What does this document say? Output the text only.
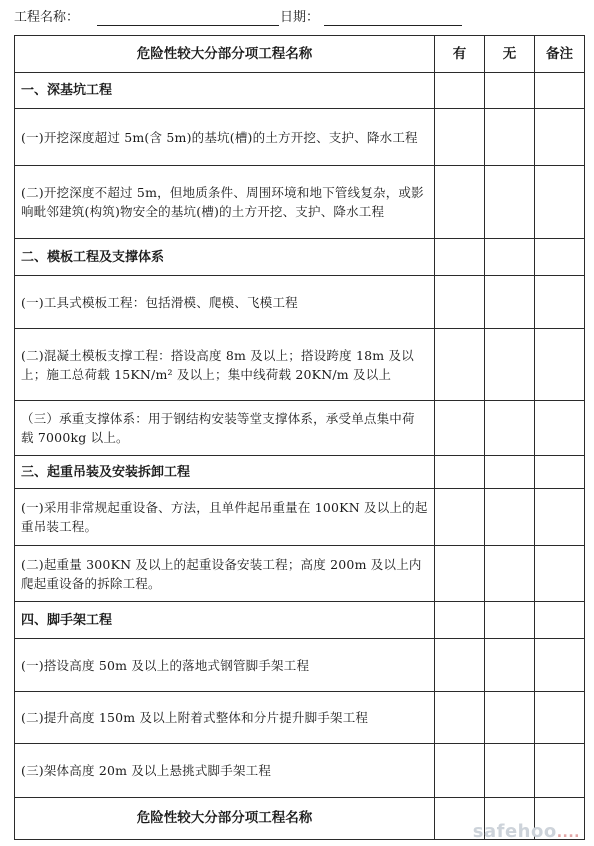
工程名称：	日期：
危险性较大分部分项工程名称	有	无	备注
一、深基坑工程			
(一)开挖深度超过 5m(含 5m)的基坑(槽)的土方开挖、支护、降水工程			
(二)开挖深度不超过 5m，但地质条件、周围环境和地下管线复杂，或影响毗邻建筑(构筑)物安全的基坑(槽)的土方开挖、支护、降水工程			
二、模板工程及支撑体系			
(一)工具式模板工程：包括滑模、爬模、飞模工程			
(二)混凝土模板支撑工程：搭设高度 8m 及以上；搭设跨度 18m 及以上；施工总荷载 15KN/m² 及以上；集中线荷载 20KN/m 及以上			
（三）承重支撑体系：用于钢结构安装等堂支撑体系，承受单点集中荷 载 7000kg 以上。			
三、起重吊装及安装拆卸工程			
(一)采用非常规起重设备、方法，且单件起吊重量在 100KN 及以上的起重吊装工程。			
(二)起重量 300KN 及以上的起重设备安装工程；高度 200m 及以上内爬起重设备的拆除工程。			
四、脚手架工程			
(一)搭设高度 50m 及以上的落地式钢管脚手架工程			
(二)提升高度 150m 及以上附着式整体和分片提升脚手架工程			
(三)架体高度 20m 及以上悬挑式脚手架工程			
危险性较大分部分项工程名称			
safehoo....
